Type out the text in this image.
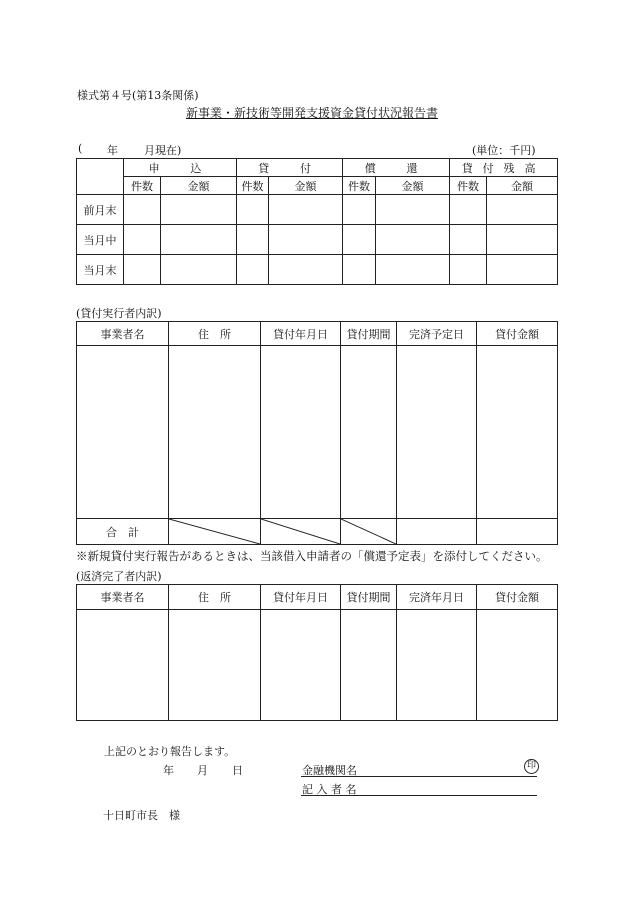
様式第４号(第13条関係)
新事業・新技術等開発支援資金貸付状況報告書
( 年 月現在)	(単位：千円)
	申　込		貸　付		償　還		貸付残高	
	件数	金額	件数	金額	件数	金額	件数	金額
前月末								
当月中								
当月末								
(貸付実行者内訳)
事業者名	住　所	貸付年月日	貸付期間	完済予定日	貸付金額

合　計	

※新規貸付実行報告があるときは、当該借入申請者の「償還予定表」を添付してください。
(返済完了者内訳)
事業者名	住　所	貸付年月日	貸付期間	完済年月日	貸付金額

上記のとおり報告します。
年 月 日	金融機関名	印
記 入 者 名
十日町市長　様
